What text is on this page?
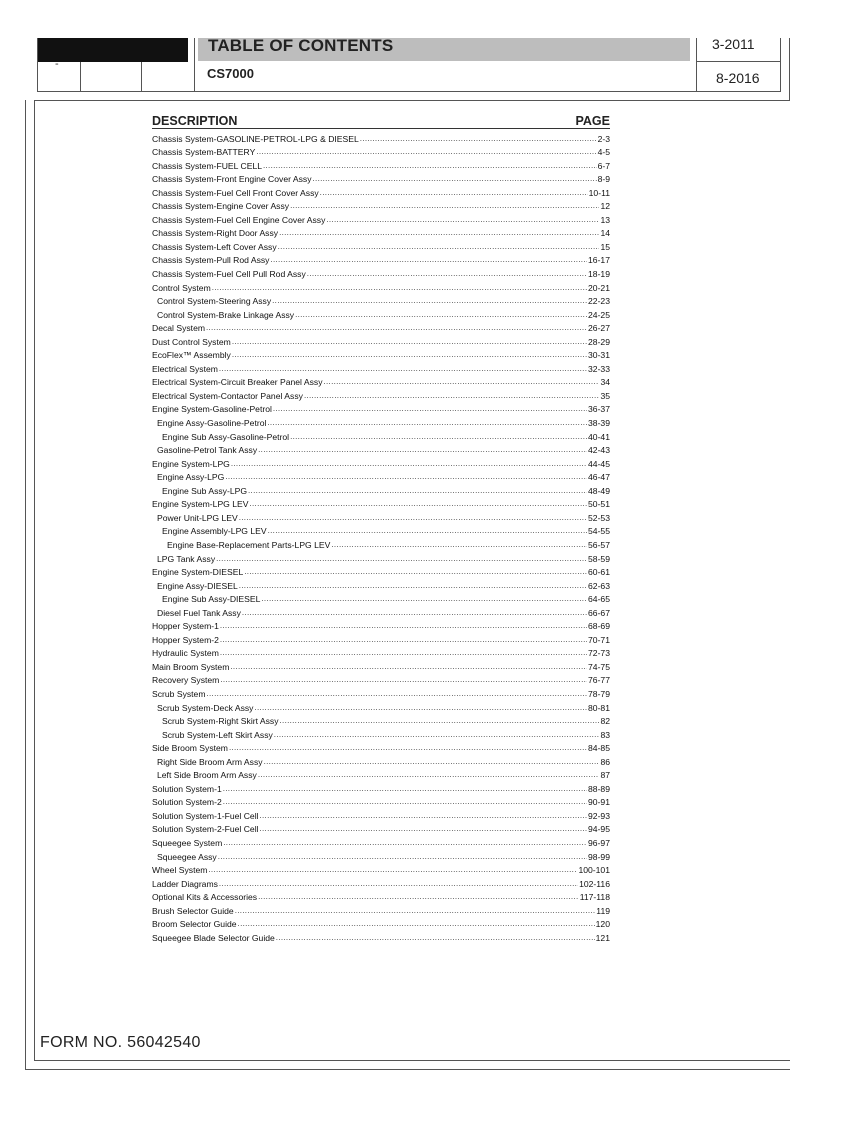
TABLE OF CONTENTS
CS7000
3-2011
8-2016
-
DESCRIPTION	PAGE
Chassis System-GASOLINE-PETROL-LPG & DIESEL .....	2-3
Chassis System-BATTERY .....	4-5
Chassis System-FUEL CELL .....	6-7
Chassis System-Front Engine Cover Assy .....	8-9
Chassis System-Fuel Cell Front Cover Assy .....	10-11
Chassis System-Engine Cover Assy .....	12
Chassis System-Fuel Cell Engine Cover Assy .....	13
Chassis System-Right Door Assy .....	14
Chassis System-Left Cover Assy .....	15
Chassis System-Pull Rod Assy .....	16-17
Chassis System-Fuel Cell Pull Rod Assy .....	18-19
Control System .....	20-21
Control System-Steering Assy .....	22-23
Control System-Brake Linkage Assy .....	24-25
Decal System .....	26-27
Dust Control System .....	28-29
EcoFlex™ Assembly .....	30-31
Electrical System .....	32-33
Electrical System-Circuit Breaker Panel Assy .....	34
Electrical System-Contactor Panel Assy .....	35
Engine System-Gasoline-Petrol .....	36-37
Engine Assy-Gasoline-Petrol .....	38-39
Engine Sub Assy-Gasoline-Petrol .....	40-41
Gasoline-Petrol Tank Assy .....	42-43
Engine System-LPG .....	44-45
Engine Assy-LPG .....	46-47
Engine Sub Assy-LPG .....	48-49
Engine System-LPG LEV .....	50-51
Power Unit-LPG LEV .....	52-53
Engine Assembly-LPG LEV .....	54-55
Engine Base-Replacement Parts-LPG LEV .....	56-57
LPG Tank Assy .....	58-59
Engine System-DIESEL .....	60-61
Engine Assy-DIESEL .....	62-63
Engine Sub Assy-DIESEL .....	64-65
Diesel Fuel Tank Assy .....	66-67
Hopper System-1 .....	68-69
Hopper System-2 .....	70-71
Hydraulic System .....	72-73
Main Broom System .....	74-75
Recovery System .....	76-77
Scrub System .....	78-79
Scrub System-Deck Assy .....	80-81
Scrub System-Right Skirt Assy .....	82
Scrub System-Left Skirt Assy .....	83
Side Broom System .....	84-85
Right Side Broom Arm Assy .....	86
Left Side Broom Arm Assy .....	87
Solution System-1 .....	88-89
Solution System-2 .....	90-91
Solution System-1-Fuel Cell .....	92-93
Solution System-2-Fuel Cell .....	94-95
Squeegee System .....	96-97
Squeegee Assy .....	98-99
Wheel System .....	100-101
Ladder Diagrams .....	102-116
Optional Kits & Accessories .....	117-118
Brush Selector Guide .....	119
Broom Selector Guide .....	120
Squeegee Blade Selector Guide .....	121
FORM NO. 56042540
